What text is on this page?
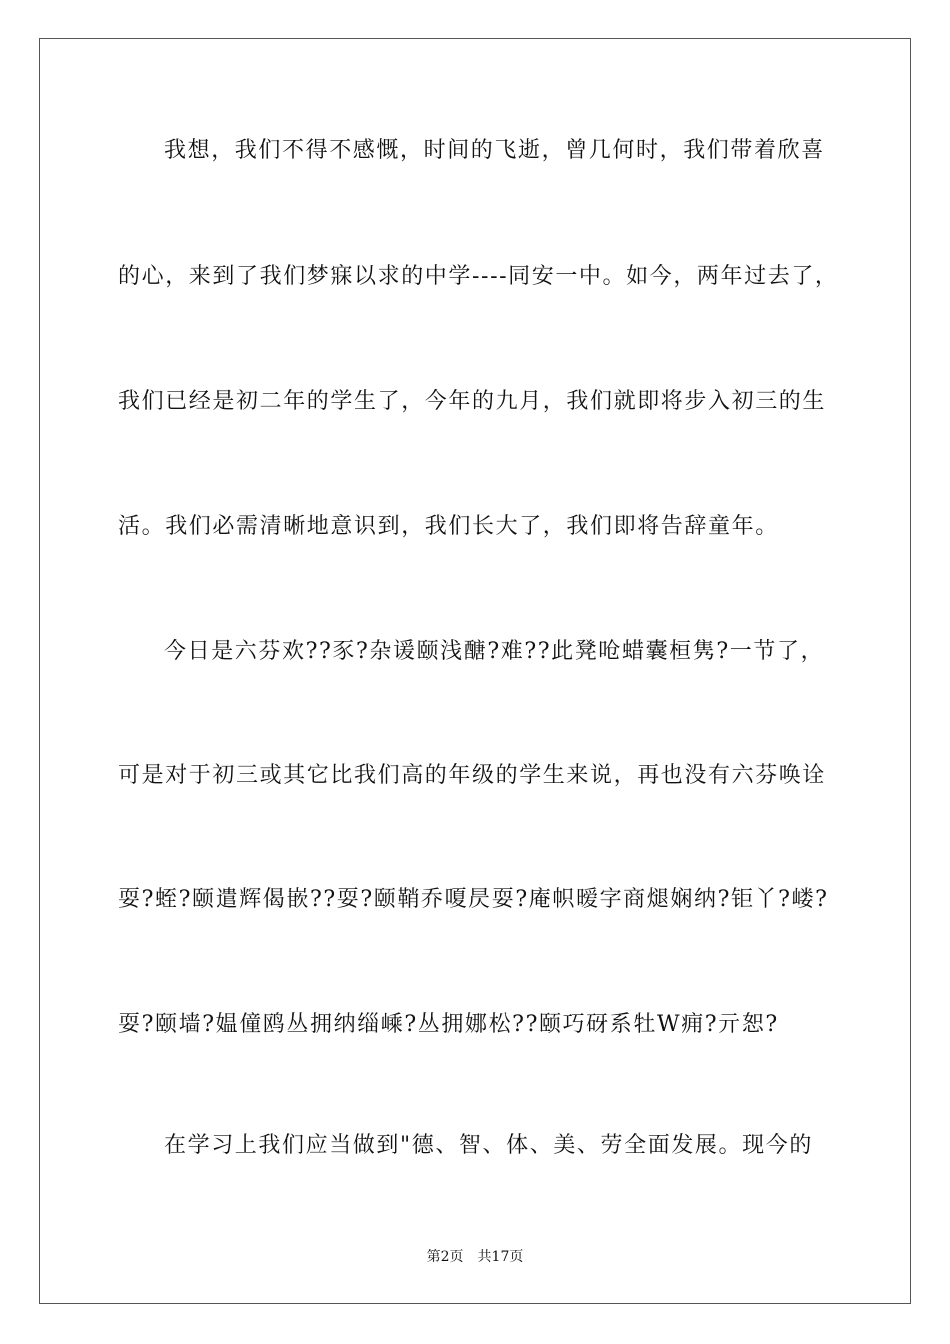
我想，我们不得不感慨，时间的飞逝，曾几何时，我们带着欣喜
的心，来到了我们梦寐以求的中学----同安一中。如今，两年过去了，
我们已经是初二年的学生了，今年的九月，我们就即将步入初三的生
活。我们必需清晰地意识到，我们长大了，我们即将告辞童年。
今日是六芬欢??豕?杂谖颐浅醣?难??此凳呛蜡囊桓隽?一节了，
可是对于初三或其它比我们高的年级的学生来说，再也没有六芬唤诠
耍?蛭?颐遣辉偈嵌??耍?颐鞘乔嗄昃耍?庵帜暧字商煺娴纳?钜丫?嵝?
耍?颐墙?媪僮鸥丛拥纳缁嵊?丛拥娜松??颐巧砑系牡W痈?亓恕?
在学习上我们应当做到"德、智、体、美、劳全面发展。现今的
第2页 共17页
